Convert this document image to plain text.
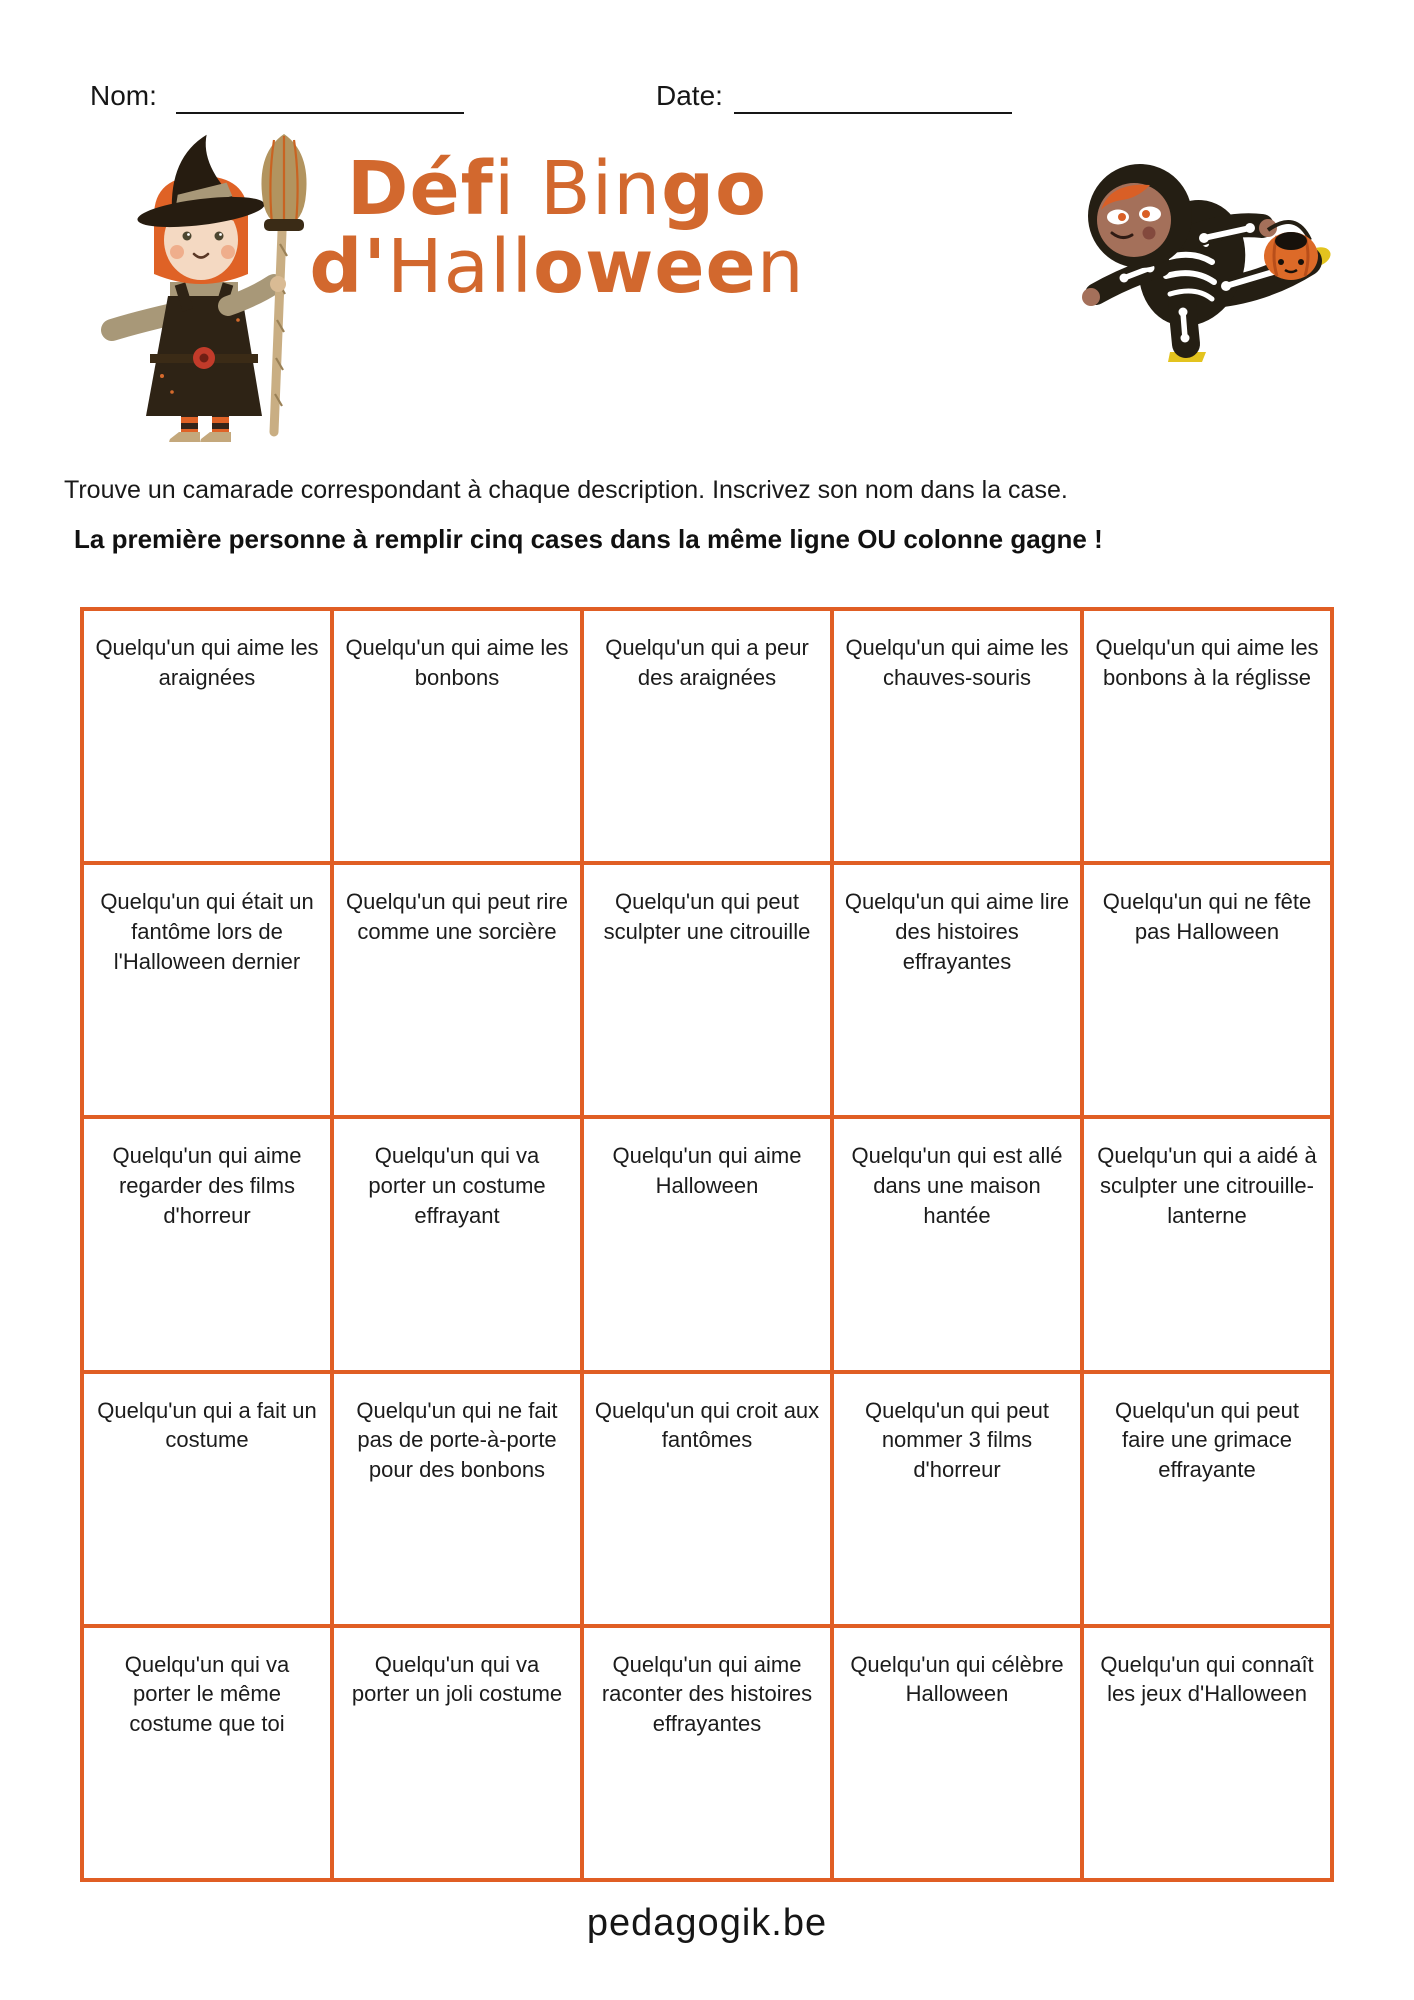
Nom:	Date:
Défi Bingo
d'Halloween
Trouve un camarade correspondant à chaque description. Inscrivez son nom dans la case.
La première personne à remplir cinq cases dans la même ligne OU colonne gagne !
Quelqu'un qui aime les araignées
Quelqu'un qui aime les bonbons
Quelqu'un qui a peur des araignées
Quelqu'un qui aime les chauves-souris
Quelqu'un qui aime les bonbons à la réglisse
Quelqu'un qui était un fantôme lors de l'Halloween dernier
Quelqu'un qui peut rire comme une sorcière
Quelqu'un qui peut sculpter une citrouille
Quelqu'un qui aime lire des histoires effrayantes
Quelqu'un qui ne fête pas Halloween
Quelqu'un qui aime regarder des films d'horreur
Quelqu'un qui va porter un costume effrayant
Quelqu'un qui aime Halloween
Quelqu'un qui est allé dans une maison hantée
Quelqu'un qui a aidé à sculpter une citrouille-lanterne
Quelqu'un qui a fait un costume
Quelqu'un qui ne fait pas de porte-à-porte pour des bonbons
Quelqu'un qui croit aux fantômes
Quelqu'un qui peut nommer 3 films d'horreur
Quelqu'un qui peut faire une grimace effrayante
Quelqu'un qui va porter le même costume que toi
Quelqu'un qui va porter un joli costume
Quelqu'un qui aime raconter des histoires effrayantes
Quelqu'un qui célèbre Halloween
Quelqu'un qui connaît les jeux d'Halloween
pedagogik.be
